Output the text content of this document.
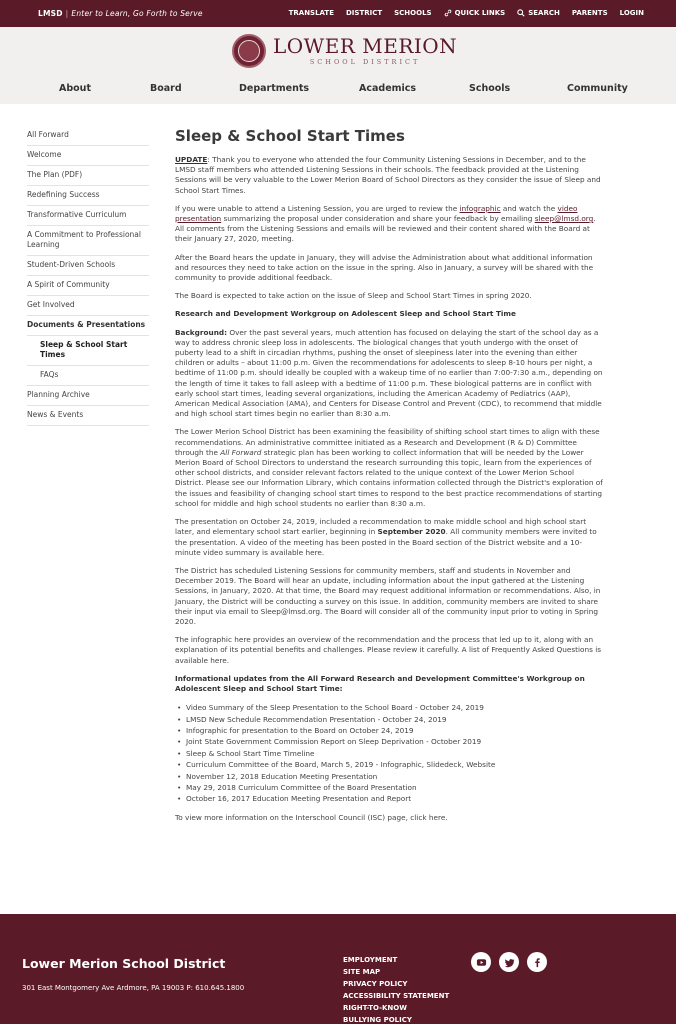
LMSD | Enter to Learn, Go Forth to Serve	TRANSLATE DISTRICT SCHOOLS	QUICK LINKS	SEARCH PARENTS LOGIN
LOWER MERION
SCHOOL DISTRICT
About	Board	Departments	Academics	Schools	Community
All Forward
Welcome
The Plan (PDF)
Redefining Success
Transformative Curriculum
A Commitment to Professional Learning
Student-Driven Schools
A Spirit of Community
Get Involved
Documents & Presentations
Sleep & School Start Times
FAQs
Planning Archive
News & Events
Sleep & School Start Times

UPDATE: Thank you to everyone who attended the four Community Listening Sessions in December, and to the LMSD staff members who attended Listening Sessions in their schools. The feedback provided at the Listening Sessions will be very valuable to the Lower Merion Board of School Directors as they consider the issue of Sleep and School Start Times.

If you were unable to attend a Listening Session, you are urged to review the infographic and watch the video presentation summarizing the proposal under consideration and share your feedback by emailing sleep@lmsd.org. All comments from the Listening Sessions and emails will be reviewed and their content shared with the Board at their January 27, 2020, meeting.

After the Board hears the update in January, they will advise the Administration about what additional information and resources they need to take action on the issue in the spring. Also in January, a survey will be shared with the community to provide additional feedback.

The Board is expected to take action on the issue of Sleep and School Start Times in spring 2020.

Research and Development Workgroup on Adolescent Sleep and School Start Time

Background: Over the past several years, much attention has focused on delaying the start of the school day as a way to address chronic sleep loss in adolescents. The biological changes that youth undergo with the onset of puberty lead to a shift in circadian rhythms, pushing the onset of sleepiness later into the evening than either children or adults – about 11:00 p.m. Given the recommendations for adolescents to sleep 8-10 hours per night, a bedtime of 11:00 p.m. should ideally be coupled with a wakeup time of no earlier than 7:00-7:30 a.m., depending on the length of time it takes to fall asleep with a bedtime of 11:00 p.m. These biological patterns are in conflict with early school start times, leading several organizations, including the American Academy of Pediatrics (AAP), American Medical Association (AMA), and Centers for Disease Control and Prevent (CDC), to recommend that middle and high school start times begin no earlier than 8:30 a.m.

The Lower Merion School District has been examining the feasibility of shifting school start times to align with these recommendations. An administrative committee initiated as a Research and Development (R & D) Committee through the All Forward strategic plan has been working to collect information that will be needed by the Lower Merion Board of School Directors to understand the research surrounding this topic, learn from the experiences of other school districts, and consider relevant factors related to the unique context of the Lower Merion School District. Please see our Information Library, which contains information collected through the District's exploration of the issues and feasibility of changing school start times to respond to the best practice recommendations of starting school for middle and high school students no earlier than 8:30 a.m.

The presentation on October 24, 2019, included a recommendation to make middle school and high school start later, and elementary school start earlier, beginning in September 2020. All community members were invited to the presentation. A video of the meeting has been posted in the Board section of the District website and a 10-minute video summary is available here.

The District has scheduled Listening Sessions for community members, staff and students in November and December 2019. The Board will hear an update, including information about the input gathered at the Listening Sessions, in January, 2020. At that time, the Board may request additional information or recommendations. Also, in January, the District will be conducting a survey on this issue. In addition, community members are invited to share their input via email to Sleep@lmsd.org. The Board will consider all of the community input prior to voting in Spring 2020.

The infographic here provides an overview of the recommendation and the process that led up to it, along with an explanation of its potential benefits and challenges. Please review it carefully. A list of Frequently Asked Questions is available here.

Informational updates from the All Forward Research and Development Committee's Workgroup on Adolescent Sleep and School Start Time:

• Video Summary of the Sleep Presentation to the School Board - October 24, 2019
• LMSD New Schedule Recommendation Presentation - October 24, 2019
• Infographic for presentation to the Board on October 24, 2019
• Joint State Government Commission Report on Sleep Deprivation - October 2019
• Sleep & School Start Time Timeline
• Curriculum Committee of the Board, March 5, 2019 - Infographic, Slidedeck, Website
• November 12, 2018 Education Meeting Presentation
• May 29, 2018 Curriculum Committee of the Board Presentation
• October 16, 2017 Education Meeting Presentation and Report

To view more information on the Interschool Council (ISC) page, click here.

Lower Merion School District
301 East Montgomery Ave Ardmore, PA 19003 P: 610.645.1800
EMPLOYMENT
SITE MAP
PRIVACY POLICY
ACCESSIBILITY STATEMENT
RIGHT-TO-KNOW
BULLYING POLICY
